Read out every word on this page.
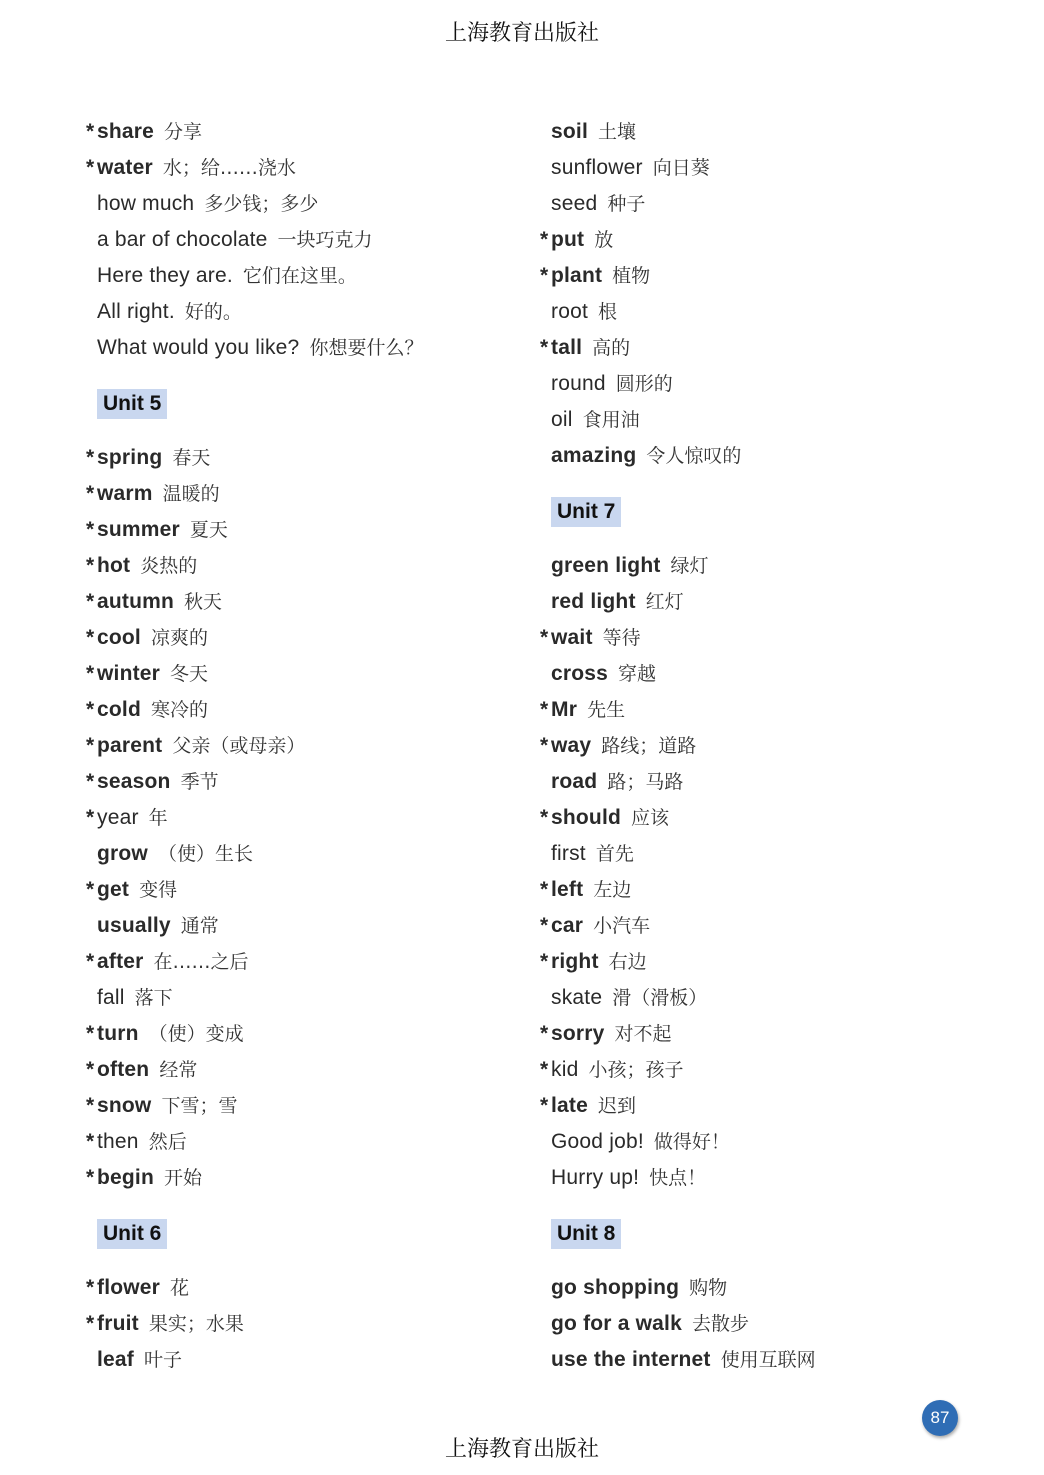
上海教育出版社
* share 分享
* water 水；给……浇水
how much 多少钱；多少
a bar of chocolate 一块巧克力
Here they are. 它们在这里。
All right. 好的。
What would you like? 你想要什么？
Unit 5
* spring 春天
* warm 温暖的
* summer 夏天
* hot 炎热的
* autumn 秋天
* cool 凉爽的
* winter 冬天
* cold 寒冷的
* parent 父亲（或母亲）
* season 季节
* year 年
grow （使）生长
* get 变得
usually 通常
* after 在……之后
fall 落下
* turn （使）变成
* often 经常
* snow 下雪；雪
* then 然后
* begin 开始
Unit 6
* flower 花
* fruit 果实；水果
leaf 叶子
soil 土壤
sunflower 向日葵
seed 种子
* put 放
* plant 植物
root 根
* tall 高的
round 圆形的
oil 食用油
amazing 令人惊叹的
Unit 7
green light 绿灯
red light 红灯
* wait 等待
cross 穿越
* Mr 先生
* way 路线；道路
road 路；马路
* should 应该
first 首先
* left 左边
* car 小汽车
* right 右边
skate 滑（滑板）
* sorry 对不起
* kid 小孩；孩子
* late 迟到
Good job! 做得好！
Hurry up! 快点！
Unit 8
go shopping 购物
go for a walk 去散步
use the internet 使用互联网
87
上海教育出版社
